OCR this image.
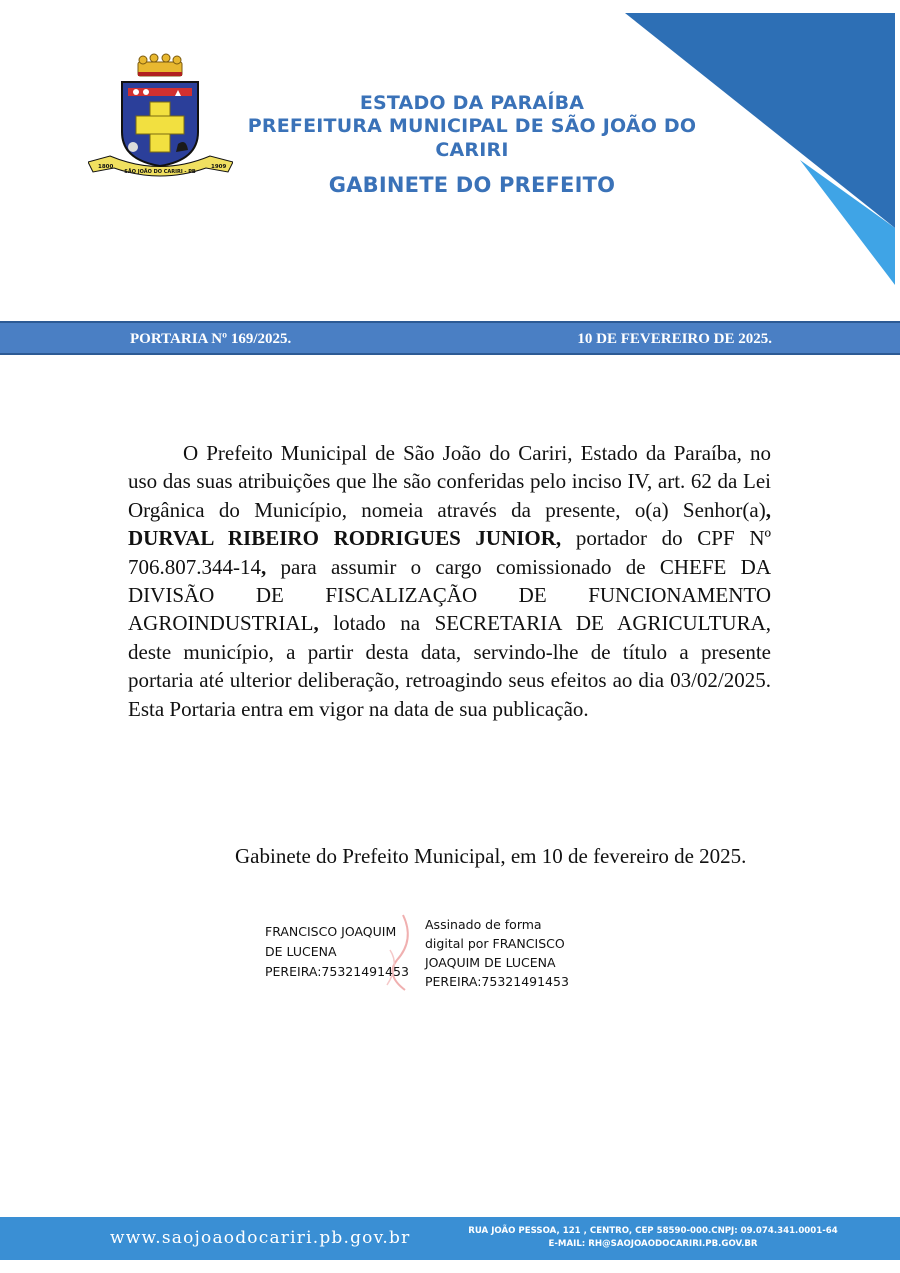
1800	1909
SÃO JOÃO DO CARIRI - PB
ESTADO DA PARAÍBA
PREFEITURA MUNICIPAL DE SÃO JOÃO DO CARIRI
GABINETE DO PREFEITO
PORTARIA Nº 169/2025.	10 DE FEVEREIRO DE 2025.

O Prefeito Municipal de São João do Cariri, Estado da Paraíba, no uso das suas atribuições que lhe são conferidas pelo inciso IV, art. 62 da Lei Orgânica do Município, nomeia através da presente, o(a) Senhor(a), DURVAL RIBEIRO RODRIGUES JUNIOR, portador do CPF Nº 706.807.344-14, para assumir o cargo comissionado de CHEFE DA DIVISÃO DE FISCALIZAÇÃO DE FUNCIONAMENTO AGROINDUSTRIAL, lotado na SECRETARIA DE AGRICULTURA, deste município, a partir desta data, servindo-lhe de título a presente portaria até ulterior deliberação, retroagindo seus efeitos ao dia 03/02/2025. Esta Portaria entra em vigor na data de sua publicação.

Gabinete do Prefeito Municipal, em 10 de fevereiro de 2025.

FRANCISCO JOAQUIM
DE LUCENA
PEREIRA:75321491453
Assinado de forma
digital por FRANCISCO
JOAQUIM DE LUCENA
PEREIRA:75321491453
www.saojoaodocariri.pb.gov.br	RUA JOÃO PESSOA, 121 , CENTRO, CEP 58590-000.CNPJ: 09.074.341.0001-64
E-MAIL: RH@SAOJOAODOCARIRI.PB.GOV.BR
